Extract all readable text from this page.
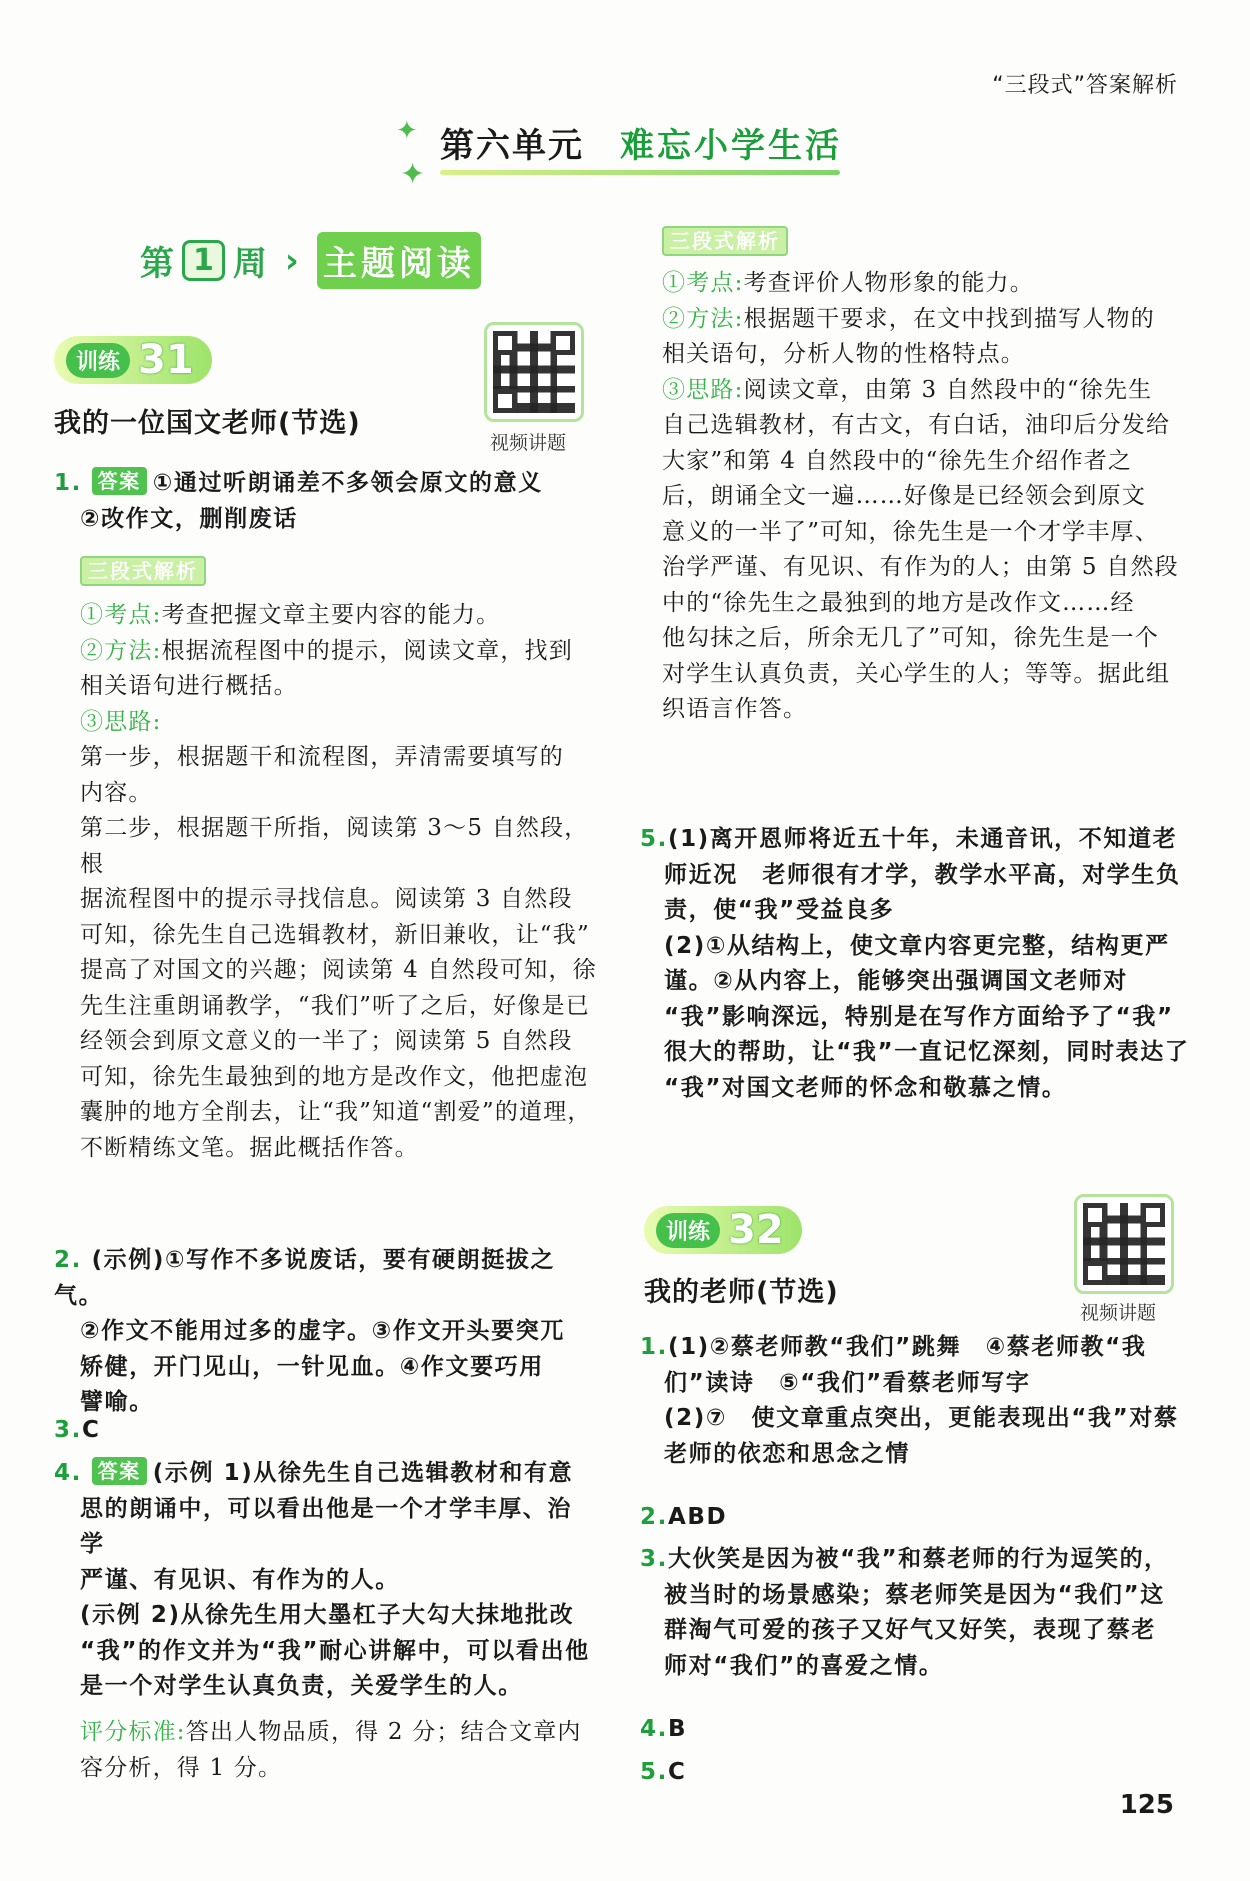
“三段式”答案解析
✦
✦
第六单元 难忘小学生活
第 1 周 › 主题阅读
训练 31
视频讲题
我的一位国文老师(节选)
1. 答案 ①通过听朗诵差不多领会原文的意义
②改作文，删削废话
三段式解析
①考点:考查把握文章主要内容的能力。
②方法:根据流程图中的提示，阅读文章，找到
相关语句进行概括。
③思路:
第一步，根据题干和流程图，弄清需要填写的
内容。
第二步，根据题干所指，阅读第 3～5 自然段，根
据流程图中的提示寻找信息。阅读第 3 自然段
可知，徐先生自己选辑教材，新旧兼收，让“我”
提高了对国文的兴趣；阅读第 4 自然段可知，徐
先生注重朗诵教学，“我们”听了之后，好像是已
经领会到原文意义的一半了；阅读第 5 自然段
可知，徐先生最独到的地方是改作文，他把虚泡
囊肿的地方全削去，让“我”知道“割爱”的道理，
不断精练文笔。据此概括作答。
2. (示例)①写作不多说废话，要有硬朗挺拔之气。
②作文不能用过多的虚字。③作文开头要突兀
矫健，开门见山，一针见血。④作文要巧用
譬喻。
3.C
4. 答案 (示例 1)从徐先生自己选辑教材和有意
思的朗诵中，可以看出他是一个才学丰厚、治学
严谨、有见识、有作为的人。
(示例 2)从徐先生用大墨杠子大勾大抹地批改
“我”的作文并为“我”耐心讲解中，可以看出他
是一个对学生认真负责，关爱学生的人。
评分标准:答出人物品质，得 2 分；结合文章内
容分析，得 1 分。
三段式解析
①考点:考查评价人物形象的能力。
②方法:根据题干要求，在文中找到描写人物的
相关语句，分析人物的性格特点。
③思路:阅读文章，由第 3 自然段中的“徐先生
自己选辑教材，有古文，有白话，油印后分发给
大家”和第 4 自然段中的“徐先生介绍作者之
后，朗诵全文一遍……好像是已经领会到原文
意义的一半了”可知，徐先生是一个才学丰厚、
治学严谨、有见识、有作为的人；由第 5 自然段
中的“徐先生之最独到的地方是改作文……经
他勾抹之后，所余无几了”可知，徐先生是一个
对学生认真负责，关心学生的人；等等。据此组
织语言作答。
5.(1)离开恩师将近五十年，未通音讯，不知道老
师近况　老师很有才学，教学水平高，对学生负
责，使“我”受益良多
(2)①从结构上，使文章内容更完整，结构更严
谨。②从内容上，能够突出强调国文老师对
“我”影响深远，特别是在写作方面给予了“我”
很大的帮助，让“我”一直记忆深刻，同时表达了
“我”对国文老师的怀念和敬慕之情。
训练 32
视频讲题
我的老师(节选)
1.(1)②蔡老师教“我们”跳舞　④蔡老师教“我
们”读诗　⑤“我们”看蔡老师写字
(2)⑦　使文章重点突出，更能表现出“我”对蔡
老师的依恋和思念之情
2.ABD
3.大伙笑是因为被“我”和蔡老师的行为逗笑的，
被当时的场景感染；蔡老师笑是因为“我们”这
群淘气可爱的孩子又好气又好笑，表现了蔡老
师对“我们”的喜爱之情。
4.B
5.C
125
